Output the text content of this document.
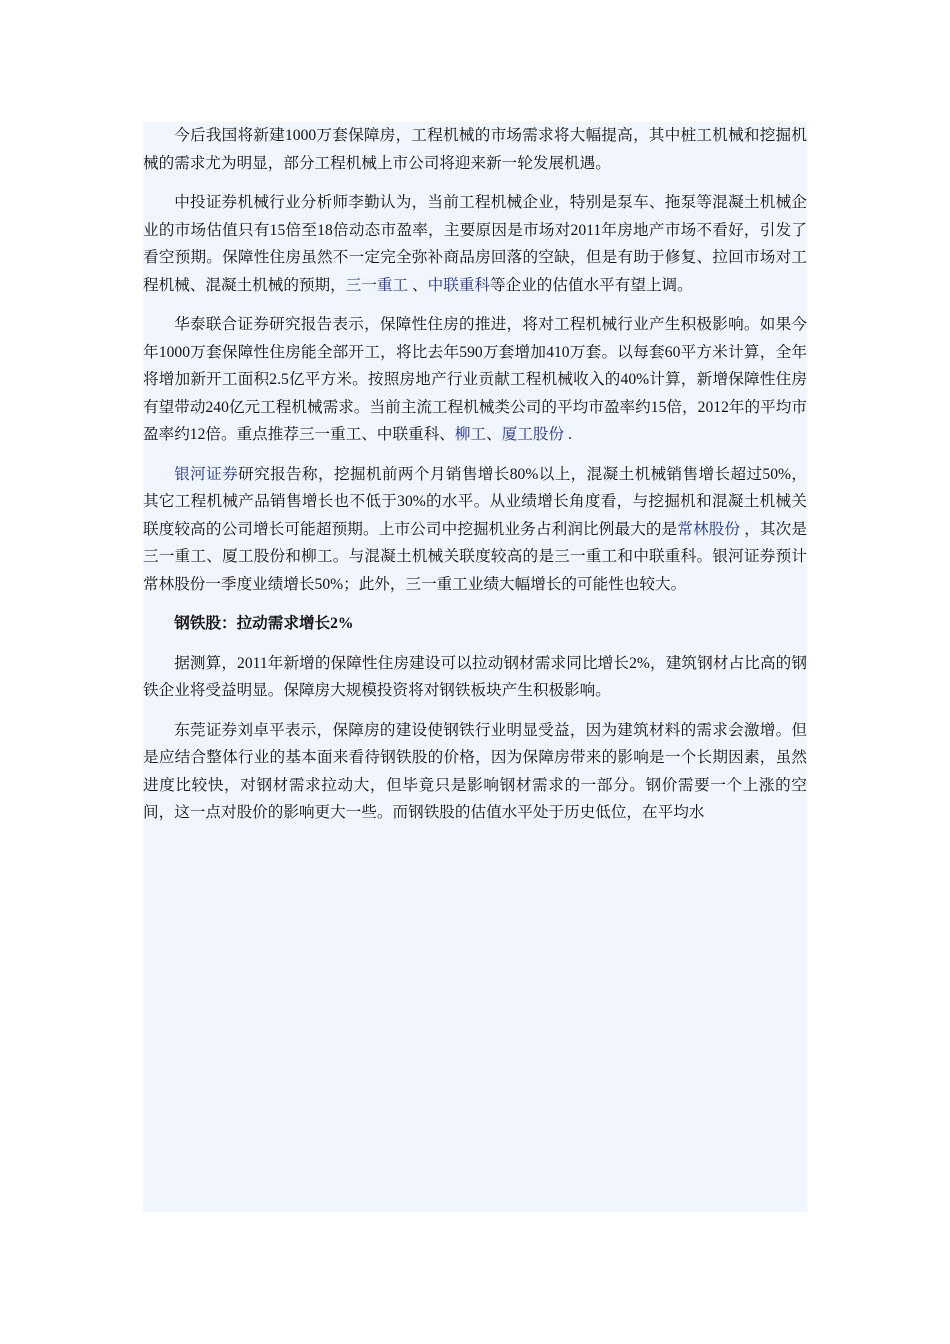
今后我国将新建1000万套保障房，工程机械的市场需求将大幅提高，其中桩工机械和挖掘机械的需求尤为明显，部分工程机械上市公司将迎来新一轮发展机遇。

中投证券机械行业分析师李勤认为，当前工程机械企业，特别是泵车、拖泵等混凝土机械企业的市场估值只有15倍至18倍动态市盈率，主要原因是市场对2011年房地产市场不看好，引发了看空预期。保障性住房虽然不一定完全弥补商品房回落的空缺，但是有助于修复、拉回市场对工程机械、混凝土机械的预期，三一重工 、中联重科等企业的估值水平有望上调。

华泰联合证券研究报告表示，保障性住房的推进，将对工程机械行业产生积极影响。如果今年1000万套保障性住房能全部开工，将比去年590万套增加410万套。以每套60平方米计算，全年将增加新开工面积2.5亿平方米。按照房地产行业贡献工程机械收入的40%计算，新增保障性住房有望带动240亿元工程机械需求。当前主流工程机械类公司的平均市盈率约15倍，2012年的平均市盈率约12倍。重点推荐三一重工、中联重科、柳工、厦工股份 .

银河证券研究报告称，挖掘机前两个月销售增长80%以上，混凝土机械销售增长超过50%，其它工程机械产品销售增长也不低于30%的水平。从业绩增长角度看，与挖掘机和混凝土机械关联度较高的公司增长可能超预期。上市公司中挖掘机业务占利润比例最大的是常林股份 ，其次是三一重工、厦工股份和柳工。与混凝土机械关联度较高的是三一重工和中联重科。银河证券预计常林股份一季度业绩增长50%；此外，三一重工业绩大幅增长的可能性也较大。

钢铁股：拉动需求增长2%

据测算，2011年新增的保障性住房建设可以拉动钢材需求同比增长2%，建筑钢材占比高的钢铁企业将受益明显。保障房大规模投资将对钢铁板块产生积极影响。

东莞证券刘卓平表示，保障房的建设使钢铁行业明显受益，因为建筑材料的需求会激增。但是应结合整体行业的基本面来看待钢铁股的价格，因为保障房带来的影响是一个长期因素，虽然进度比较快，对钢材需求拉动大，但毕竟只是影响钢材需求的一部分。钢价需要一个上涨的空间，这一点对股价的影响更大一些。而钢铁股的估值水平处于历史低位，在平均水
